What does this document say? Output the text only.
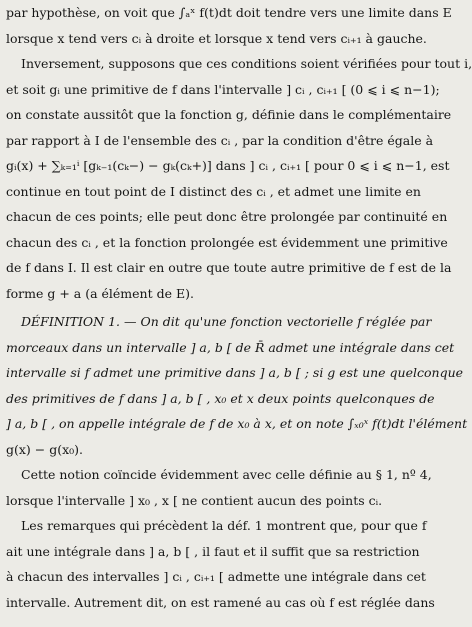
par hypothèse, on voit que ∫ₐˣ f(t)dt doit tendre vers une limite dans E
lorsque x tend vers cᵢ à droite et lorsque x tend vers cᵢ₊₁ à gauche.
Inversement, supposons que ces conditions soient vérifiées pour tout i,
et soit gᵢ une primitive de f dans l'intervalle ] cᵢ , cᵢ₊₁ [ (0 ⩽ i ⩽ n−1);
on constate aussitôt que la fonction g, définie dans le complémentaire
par rapport à I de l'ensemble des cᵢ , par la condition d'être égale à
gᵢ(x) + ∑ₖ₌₁ⁱ [gₖ₋₁(cₖ−) − gₖ(cₖ+)] dans ] cᵢ , cᵢ₊₁ [ pour 0 ⩽ i ⩽ n−1, est
continue en tout point de I distinct des cᵢ , et admet une limite en
chacun de ces points; elle peut donc être prolongée par continuité en
chacun des cᵢ , et la fonction prolongée est évidemment une primitive
de f dans I. Il est clair en outre que toute autre primitive de f est de la
forme g + a (a élément de E).
DÉFINITION 1. — On dit qu'une fonction vectorielle f réglée par
morceaux dans un intervalle ] a, b [ de R̄ admet une intégrale dans cet
intervalle si f admet une primitive dans ] a, b [ ; si g est une quelconque
des primitives de f dans ] a, b [ , x₀ et x deux points quelconques de
] a, b [ , on appelle intégrale de f de x₀ à x, et on note ∫ₓ₀ˣ f(t)dt l'élément
g(x) − g(x₀).
Cette notion coïncide évidemment avec celle définie au § 1, nº 4,
lorsque l'intervalle ] x₀ , x [ ne contient aucun des points cᵢ.
Les remarques qui précèdent la déf. 1 montrent que, pour que f
ait une intégrale dans ] a, b [ , il faut et il suffit que sa restriction
à chacun des intervalles ] cᵢ , cᵢ₊₁ [ admette une intégrale dans cet
intervalle. Autrement dit, on est ramené au cas où f est réglée dans
